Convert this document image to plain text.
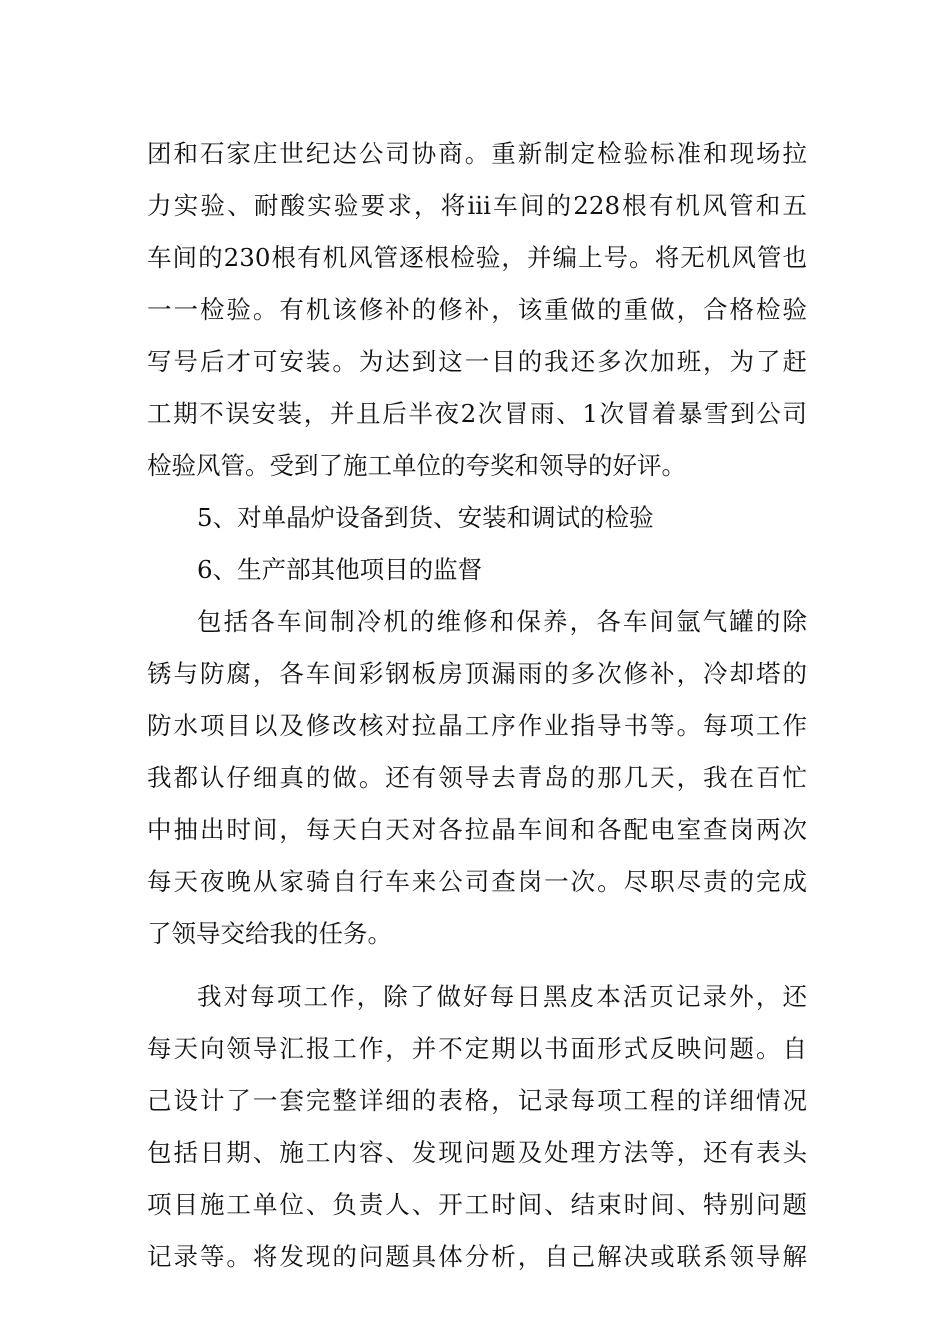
团和石家庄世纪达公司协商。重新制定检验标准和现场拉
力实验、耐酸实验要求，将iii车间的228根有机风管和五
车间的230根有机风管逐根检验，并编上号。将无机风管也
一一检验。有机该修补的修补，该重做的重做，合格检验
写号后才可安装。为达到这一目的我还多次加班，为了赶
工期不误安装，并且后半夜2次冒雨、1次冒着暴雪到公司
检验风管。受到了施工单位的夸奖和领导的好评。
5、对单晶炉设备到货、安装和调试的检验
6、生产部其他项目的监督
包括各车间制冷机的维修和保养，各车间氩气罐的除
锈与防腐，各车间彩钢板房顶漏雨的多次修补，冷却塔的
防水项目以及修改核对拉晶工序作业指导书等。每项工作
我都认仔细真的做。还有领导去青岛的那几天，我在百忙
中抽出时间，每天白天对各拉晶车间和各配电室查岗两次
每天夜晚从家骑自行车来公司查岗一次。尽职尽责的完成
了领导交给我的任务。
我对每项工作，除了做好每日黑皮本活页记录外，还
每天向领导汇报工作，并不定期以书面形式反映问题。自
己设计了一套完整详细的表格，记录每项工程的详细情况
包括日期、施工内容、发现问题及处理方法等，还有表头
项目施工单位、负责人、开工时间、结束时间、特别问题
记录等。将发现的问题具体分析，自己解决或联系领导解
